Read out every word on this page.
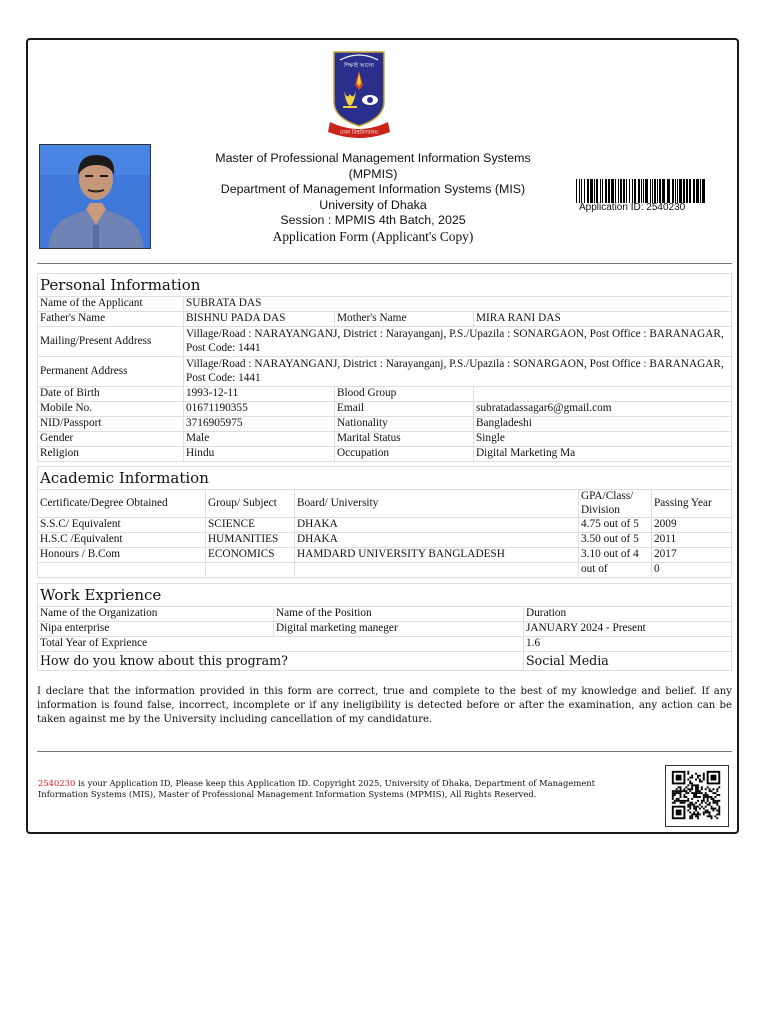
শিক্ষাই আলো
ঢাকা বিশ্ববিদ্যালয়
Master of Professional Management Information Systems
(MPMIS)
Department of Management Information Systems (MIS)
University of Dhaka
Session : MPMIS 4th Batch, 2025
Application Form (Applicant's Copy)
Application ID: 2540230
Personal Information			
Name of the Applicant	SUBRATA DAS		
Father's Name	BISHNU PADA DAS	Mother's Name	MIRA RANI DAS
Mailing/Present Address	Village/Road : NARAYANGANJ, District : Narayanganj, P.S./Upazila : SONARGAON, Post Office : BARANAGAR, Post Code: 1441		
Permanent Address	Village/Road : NARAYANGANJ, District : Narayanganj, P.S./Upazila : SONARGAON, Post Office : BARANAGAR, Post Code: 1441		
Date of Birth	1993-12-11	Blood Group	
Mobile No.	01671190355	Email	subratadassagar6@gmail.com
NID/Passport	3716905975	Nationality	Bangladeshi
Gender	Male	Marital Status	Single
Religion	Hindu	Occupation	Digital Marketing Ma
Academic Information				
Certificate/Degree Obtained	Group/ Subject	Board/ University	GPA/Class/ Division	Passing Year
S.S.C/ Equivalent	SCIENCE	DHAKA	4.75 out of 5	2009
H.S.C /Equivalent	HUMANITIES	DHAKA	3.50 out of 5	2011
Honours / B.Com	ECONOMICS	HAMDARD UNIVERSITY BANGLADESH	3.10 out of 4	2017
			out of	0
Work Exprience		
Name of the Organization	Name of the Position	Duration
Nipa enterprise	Digital marketing maneger	JANUARY 2024 - Present
Total Year of Exprience		1.6
How do you know about this program?		Social Media
I declare that the information provided in this form are correct, true and complete to the best of my knowledge and belief. If any information is found false, incorrect, incomplete or if any ineligibility is detected before or after the examination, any action can be taken against me by the University including cancellation of my candidature.
2540230 is your Application ID, Please keep this Application ID. Copyright 2025, University of Dhaka, Department of Management Information Systems (MIS), Master of Professional Management Information Systems (MPMIS), All Rights Reserved.
